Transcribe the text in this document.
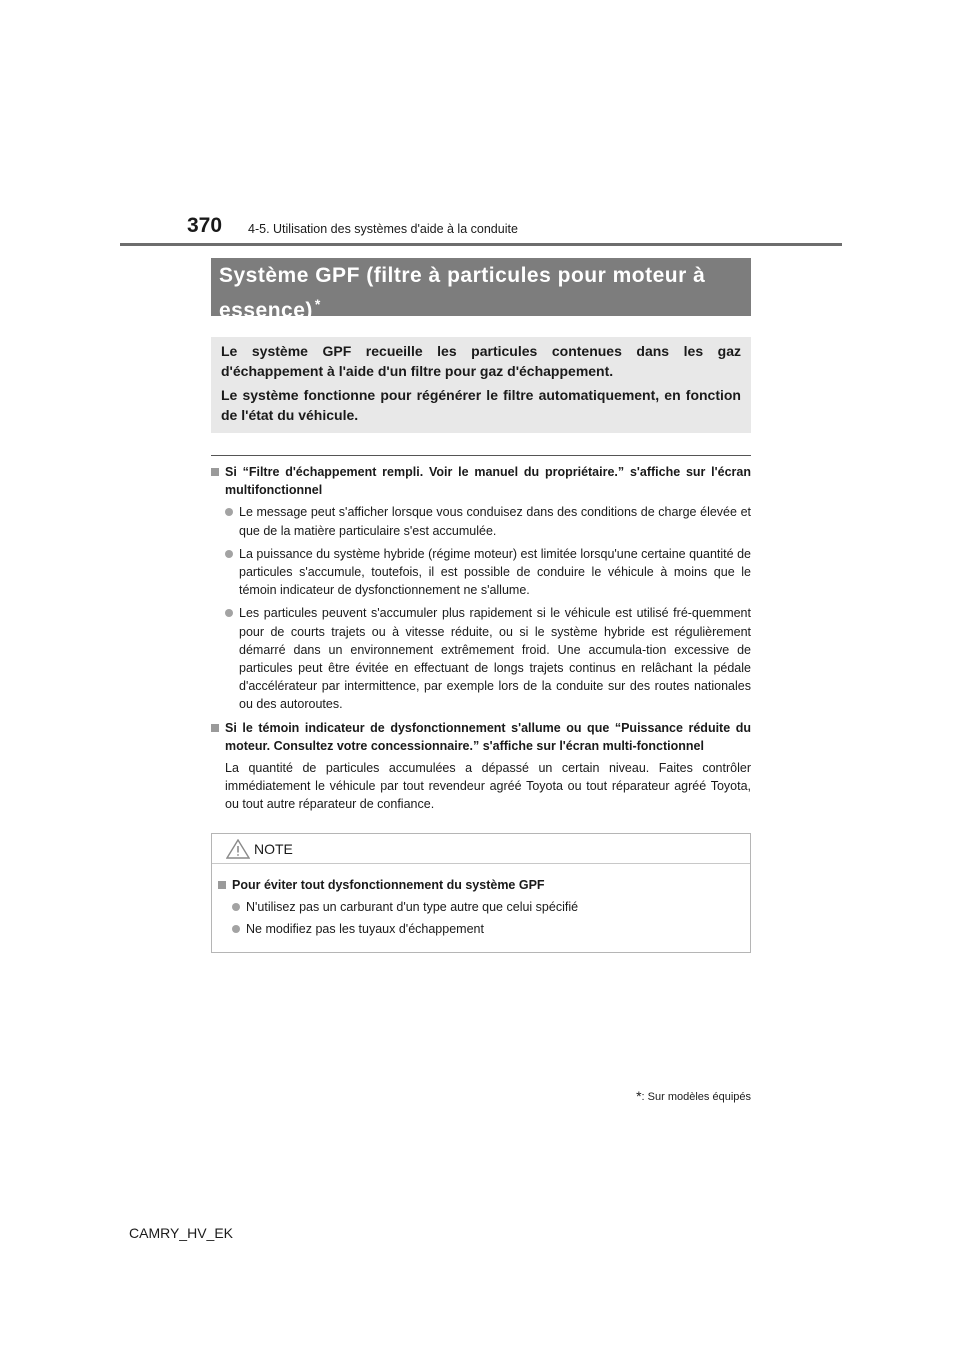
370 4-5. Utilisation des systèmes d'aide à la conduite
Système GPF (filtre à particules pour moteur à essence) *

Le système GPF recueille les particules contenues dans les gaz d'échappement à l'aide d'un filtre pour gaz d'échappement.

Le système fonctionne pour régénérer le filtre automatiquement, en fonction de l'état du véhicule.

Si “Filtre d'échappement rempli. Voir le manuel du propriétaire.” s'affiche sur l'écran multifonctionnel
Le message peut s'afficher lorsque vous conduisez dans des conditions de charge élevée et que de la matière particulaire s'est accumulée.
La puissance du système hybride (régime moteur) est limitée lorsqu'une certaine quantité de particules s'accumule, toutefois, il est possible de conduire le véhicule à moins que le témoin indicateur de dysfonctionnement ne s'allume.
Les particules peuvent s'accumuler plus rapidement si le véhicule est utilisé fré-quemment pour de courts trajets ou à vitesse réduite, ou si le système hybride est régulièrement démarré dans un environnement extrêmement froid. Une accumula-tion excessive de particules peut être évitée en effectuant de longs trajets continus en relâchant la pédale d'accélérateur par intermittence, par exemple lors de la conduite sur des routes nationales ou des autoroutes.
Si le témoin indicateur de dysfonctionnement s'allume ou que “Puissance réduite du moteur. Consultez votre concessionnaire.” s'affiche sur l'écran multi-fonctionnel
La quantité de particules accumulées a dépassé un certain niveau. Faites contrôler immédiatement le véhicule par tout revendeur agréé Toyota ou tout réparateur agréé Toyota, ou tout autre réparateur de confiance.
NOTE
Pour éviter tout dysfonctionnement du système GPF
N'utilisez pas un carburant d'un type autre que celui spécifié
Ne modifiez pas les tuyaux d'échappement
*: Sur modèles équipés
CAMRY_HV_EK
